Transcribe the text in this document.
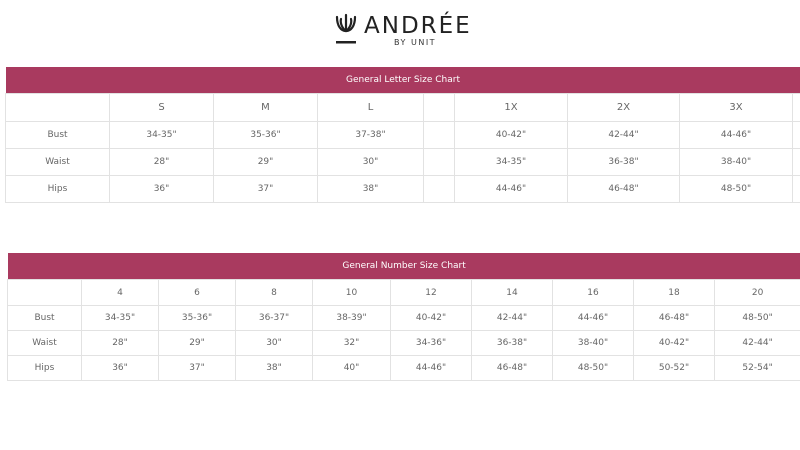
ANDRÉE
BY UNIT
General Letter Size Chart								
	S	M	L		1X	2X	3X	
Bust	34-35"	35-36"	37-38"		40-42"	42-44"	44-46"	
Waist	28"	29"	30"		34-35"	36-38"	38-40"	
Hips	36"	37"	38"		44-46"	46-48"	48-50"	
General Number Size Chart									
	4	6	8	10	12	14	16	18	20
Bust	34-35"	35-36"	36-37"	38-39"	40-42"	42-44"	44-46"	46-48"	48-50"
Waist	28"	29"	30"	32"	34-36"	36-38"	38-40"	40-42"	42-44"
Hips	36"	37"	38"	40"	44-46"	46-48"	48-50"	50-52"	52-54"
